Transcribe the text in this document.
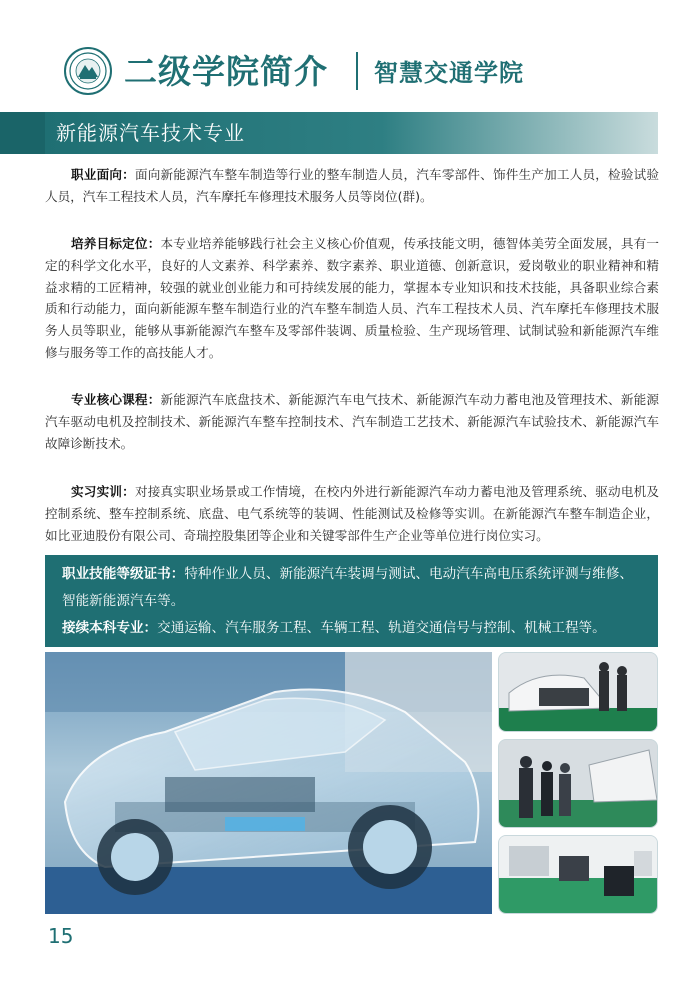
二级学院简介 智慧交通学院
新能源汽车技术专业
职业面向：面向新能源汽车整车制造等行业的整车制造人员，汽车零部件、饰件生产加工人员，检验试验人员，汽车工程技术人员，汽车摩托车修理技术服务人员等岗位(群)。
培养目标定位：本专业培养能够践行社会主义核心价值观，传承技能文明，德智体美劳全面发展，具有一定的科学文化水平，良好的人文素养、科学素养、数字素养、职业道德、创新意识，爱岗敬业的职业精神和精益求精的工匠精神，较强的就业创业能力和可持续发展的能力，掌握本专业知识和技术技能，具备职业综合素质和行动能力，面向新能源车整车制造行业的汽车整车制造人员、汽车工程技术人员、汽车摩托车修理技术服务人员等职业，能够从事新能源汽车整车及零部件装调、质量检验、生产现场管理、试制试验和新能源汽车维修与服务等工作的高技能人才。
专业核心课程：新能源汽车底盘技术、新能源汽车电气技术、新能源汽车动力蓄电池及管理技术、新能源汽车驱动电机及控制技术、新能源汽车整车控制技术、汽车制造工艺技术、新能源汽车试验技术、新能源汽车故障诊断技术。
实习实训：对接真实职业场景或工作情境，在校内外进行新能源汽车动力蓄电池及管理系统、驱动电机及控制系统、整车控制系统、底盘、电气系统等的装调、性能测试及检修等实训。在新能源汽车整车制造企业，如比亚迪股份有限公司、奇瑞控股集团等企业和关键零部件生产企业等单位进行岗位实习。
职业技能等级证书：特种作业人员、新能源汽车装调与测试、电动汽车高电压系统评测与维修、智能新能源汽车等。
接续本科专业：交通运输、汽车服务工程、车辆工程、轨道交通信号与控制、机械工程等。
15
